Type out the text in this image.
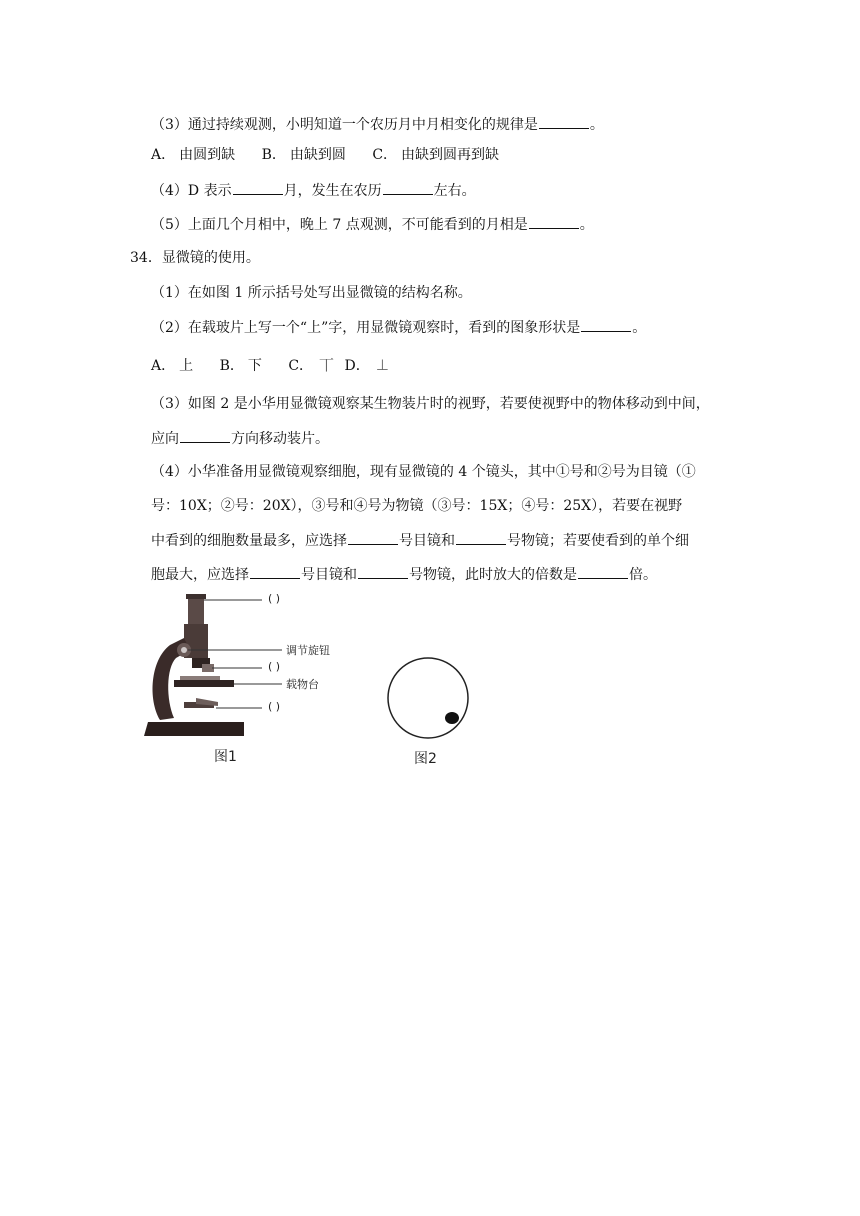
（3）通过持续观测，小明知道一个农历月中月相变化的规律是	。
A． 由圆到缺 B． 由缺到圆 C． 由缺到圆再到缺
（4）D 表示	月，发生在农历	左右。
（5）上面几个月相中，晚上 7 点观测，不可能看到的月相是	。
34．显微镜的使用。
（1）在如图 1 所示括号处写出显微镜的结构名称。
（2）在载玻片上写一个“上”字，用显微镜观察时，看到的图象形状是	。
A． 上 B． 下 C． 丅 D． ⊥
（3）如图 2 是小华用显微镜观察某生物装片时的视野，若要使视野中的物体移动到中间，
应向	方向移动装片。
（4）小华准备用显微镜观察细胞，现有显微镜的 4 个镜头，其中①号和②号为目镜（①
号：10X；②号：20X），③号和④号为物镜（③号：15X；④号：25X），若要在视野
中看到的细胞数量最多，应选择	号目镜和	号物镜；若要使看到的单个细
胞最大，应选择	号目镜和	号物镜，此时放大的倍数是	倍。
( )
调节旋钮
( )
载物台
( )
图1	图2
